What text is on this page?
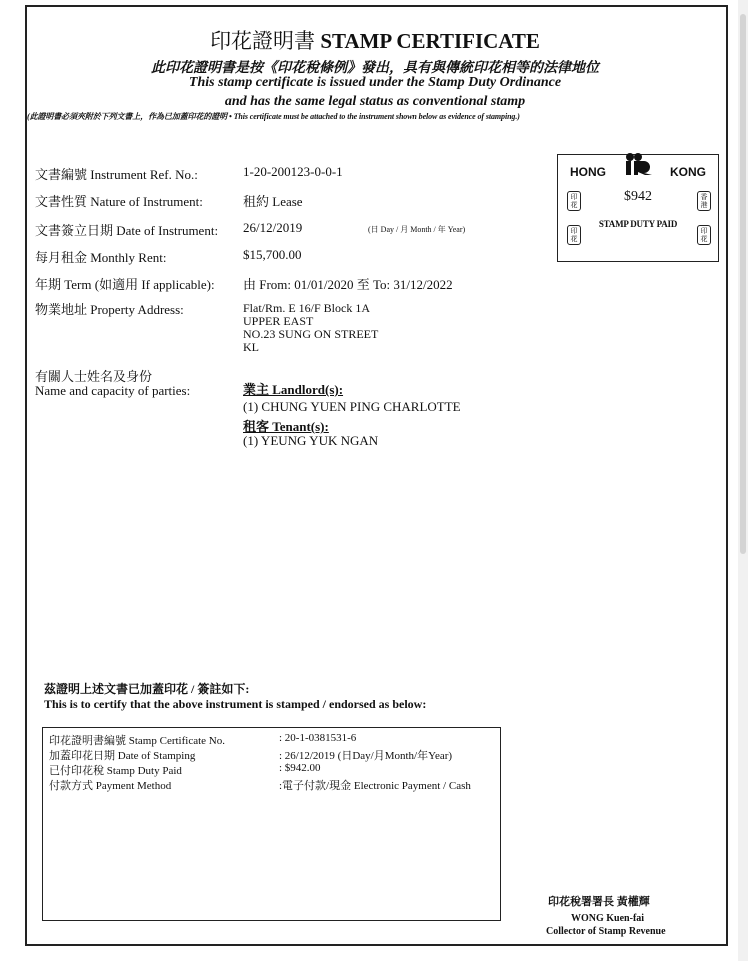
印花證明書 STAMP CERTIFICATE
此印花證明書是按《印花稅條例》發出，具有與傳統印花相等的法律地位
This stamp certificate is issued under the Stamp Duty Ordinance
and has the same legal status as conventional stamp
(此證明書必須夾附於下列文書上，作為已加蓋印花的證明 • This certificate must be attached to the instrument shown below as evidence of stamping.)
文書編號 Instrument Ref. No.:	1-20-200123-0-0-1
文書性質 Nature of Instrument:	租約 Lease
文書簽立日期 Date of Instrument: 26/12/2019	(日 Day / 月 Month / 年 Year)
每月租金 Monthly Rent:	$15,700.00
年期 Term (如適用 If applicable): 由 From: 01/01/2020 至 To: 31/12/2022
物業地址 Property Address:	Flat/Rm. E 16/F Block 1A
UPPER EAST
NO.23 SUNG ON STREET
KL
有關人士姓名及身份
Name and capacity of parties:	業主 Landlord(s):
(1) CHUNG YUEN PING CHARLOTTE
租客 Tenant(s):
(1) YEUNG YUK NGAN
HONG	KONG
印花
香港
$942
STAMP DUTY PAID
印花
印花
茲證明上述文書已加蓋印花 / 簽註如下:
This is to certify that the above instrument is stamped / endorsed as below:
印花證明書編號 Stamp Certificate No.	: 20-1-0381531-6
加蓋印花日期 Date of Stamping	: 26/12/2019 (日Day/月Month/年Year)
已付印花稅 Stamp Duty Paid	: $942.00
付款方式 Payment Method	:電子付款/現金 Electronic Payment / Cash
印花稅署署長 黃權輝
WONG Kuen-fai
Collector of Stamp Revenue
